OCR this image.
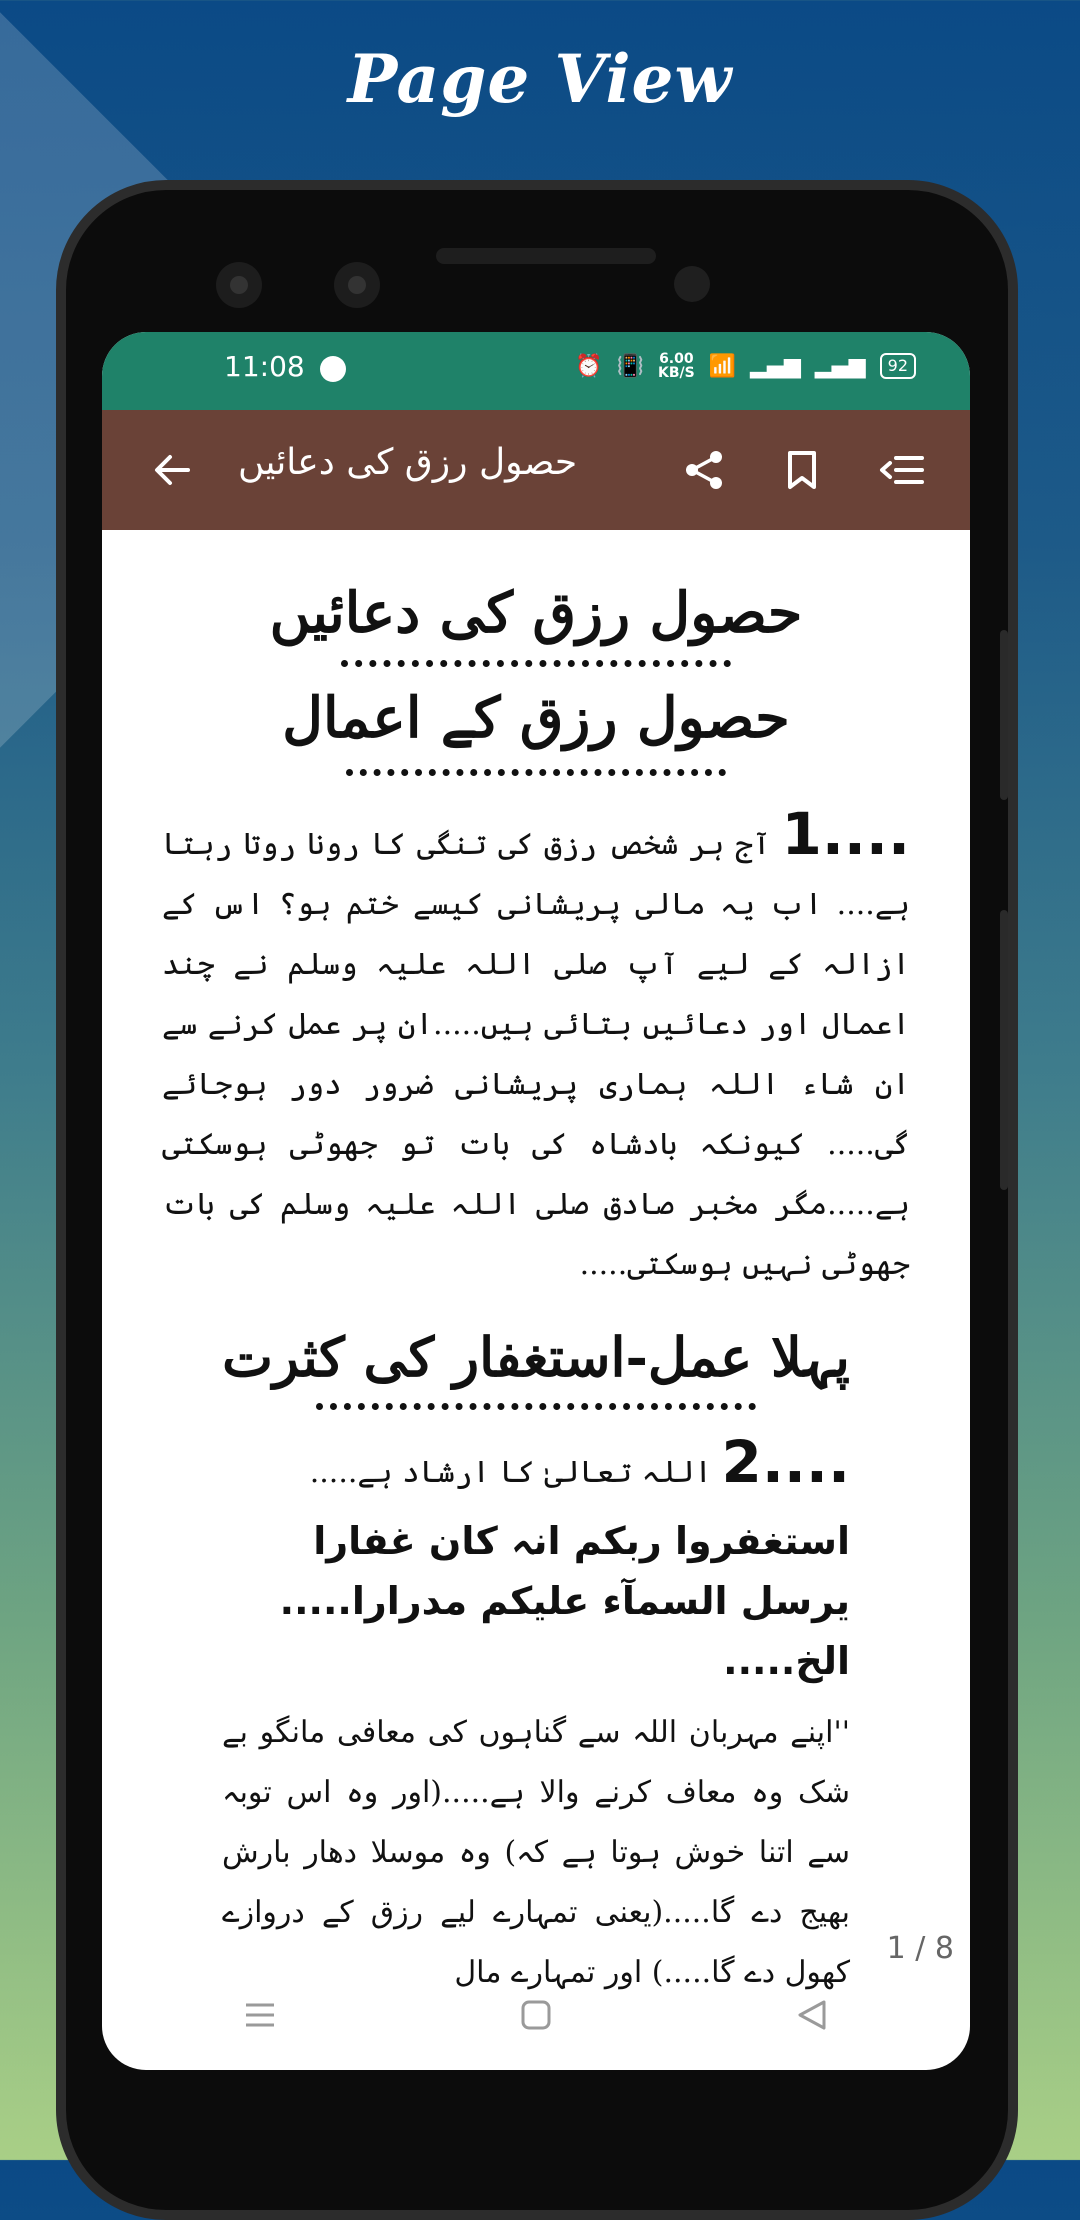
Page View
11:08	⏰ 📳 6.00
KB/S 📶 ▂▄▆ ▂▄▆	92
حصول رزق کی دعائیں
حصول رزق کی دعائیں
حصول رزق کے اعمال
1.... آج ہر شخص رزق کی تنگی کا رونا روتا رہتا ہے.... اب یہ مالی پریشانی کیسے ختم ہو؟ اس کے ازالہ کے لیے آپ صلی اللہ علیہ وسلم نے چند اعمال اور دعائیں بتائی ہیں.....ان پر عمل کرنے سے ان شاء اللہ ہماری پریشانی ضرور دور ہوجائے گی..... کیونکہ بادشاہ کی بات تو جھوٹی ہوسکتی ہے.....مگر مخبر صادق صلی اللہ علیہ وسلم کی بات جھوٹی نہیں ہوسکتی.....
پہلا عمل-استغفار کی کثرت
2.... اللہ تعالیٰ کا ارشاد ہے.....
استغفروا ربکم انہ کان غفارا یرسل السمآء علیکم مدرارا..... الخ.....
''اپنے مہربان اللہ سے گناہوں کی معافی مانگو بے شک وہ معاف کرنے والا ہے.....(اور وہ اس توبہ سے اتنا خوش ہوتا ہے کہ) وہ موسلا دھار بارش بھیج دے گا.....(یعنی تمہارے لیے رزق کے دروازے کھول دے گا.....) اور تمہارے مال
1 / 8
